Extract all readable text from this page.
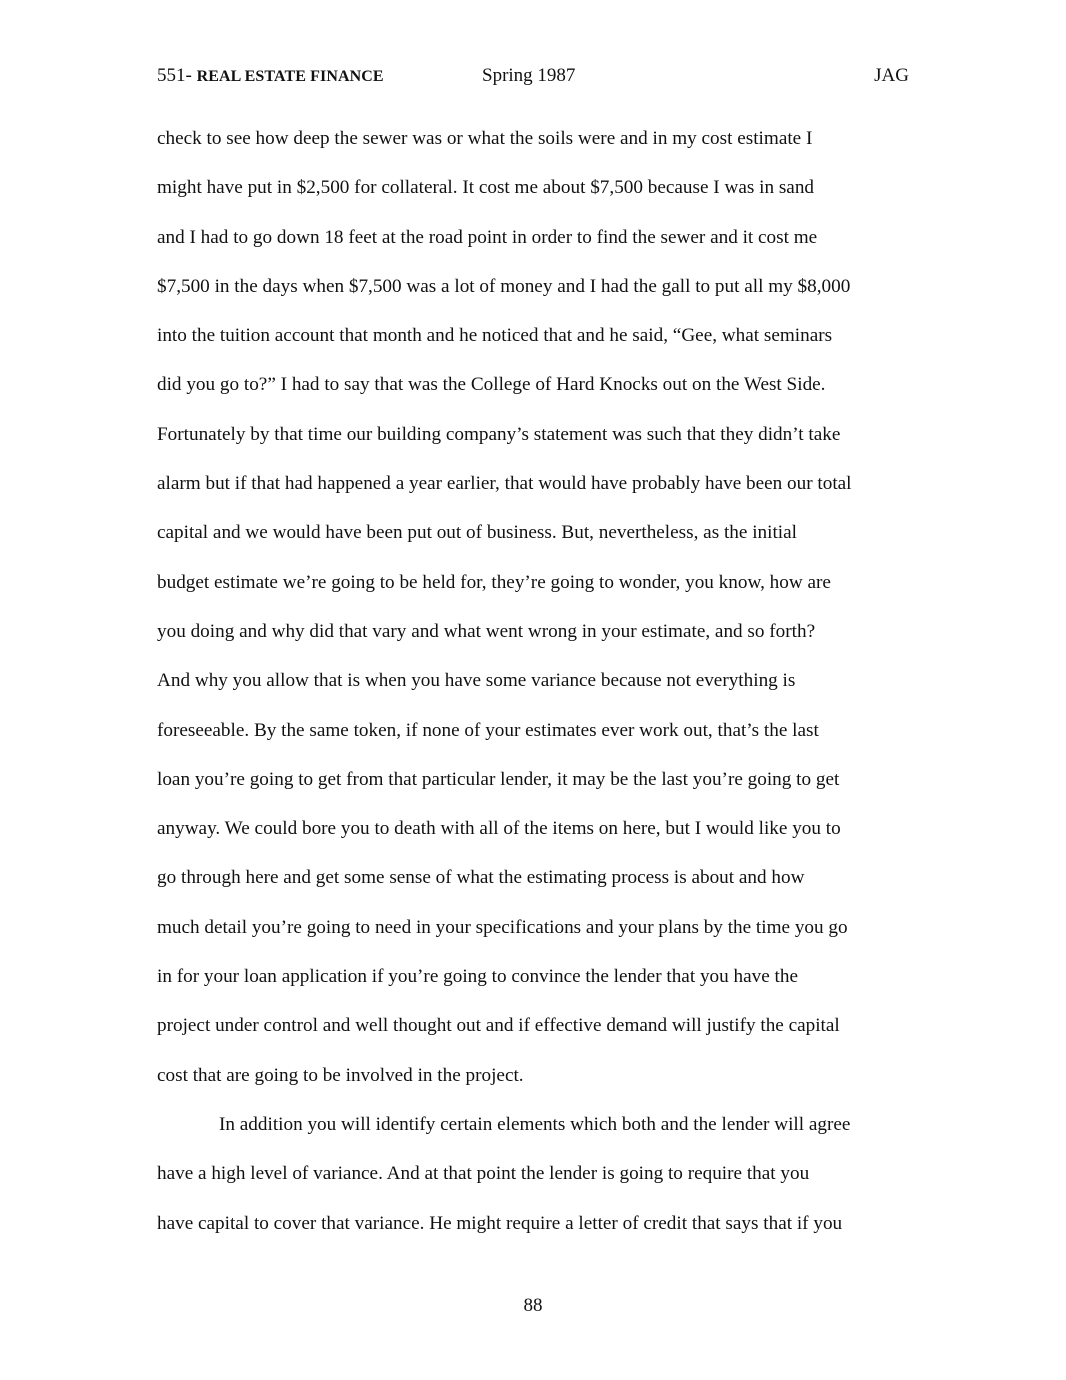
551- REAL ESTATE FINANCE	Spring 1987	JAG
check to see how deep the sewer was or what the soils were and in my cost estimate I
might have put in $2,500 for collateral. It cost me about $7,500 because I was in sand
and I had to go down 18 feet at the road point in order to find the sewer and it cost me
$7,500 in the days when $7,500 was a lot of money and I had the gall to put all my $8,000
into the tuition account that month and he noticed that and he said, “Gee, what seminars
did you go to?” I had to say that was the College of Hard Knocks out on the West Side.
Fortunately by that time our building company’s statement was such that they didn’t take
alarm but if that had happened a year earlier, that would have probably have been our total
capital and we would have been put out of business. But, nevertheless, as the initial
budget estimate we’re going to be held for, they’re going to wonder, you know, how are
you doing and why did that vary and what went wrong in your estimate, and so forth?
And why you allow that is when you have some variance because not everything is
foreseeable. By the same token, if none of your estimates ever work out, that’s the last
loan you’re going to get from that particular lender, it may be the last you’re going to get
anyway. We could bore you to death with all of the items on here, but I would like you to
go through here and get some sense of what the estimating process is about and how
much detail you’re going to need in your specifications and your plans by the time you go
in for your loan application if you’re going to convince the lender that you have the
project under control and well thought out and if effective demand will justify the capital
cost that are going to be involved in the project.
In addition you will identify certain elements which both and the lender will agree
have a high level of variance. And at that point the lender is going to require that you
have capital to cover that variance. He might require a letter of credit that says that if you
88
